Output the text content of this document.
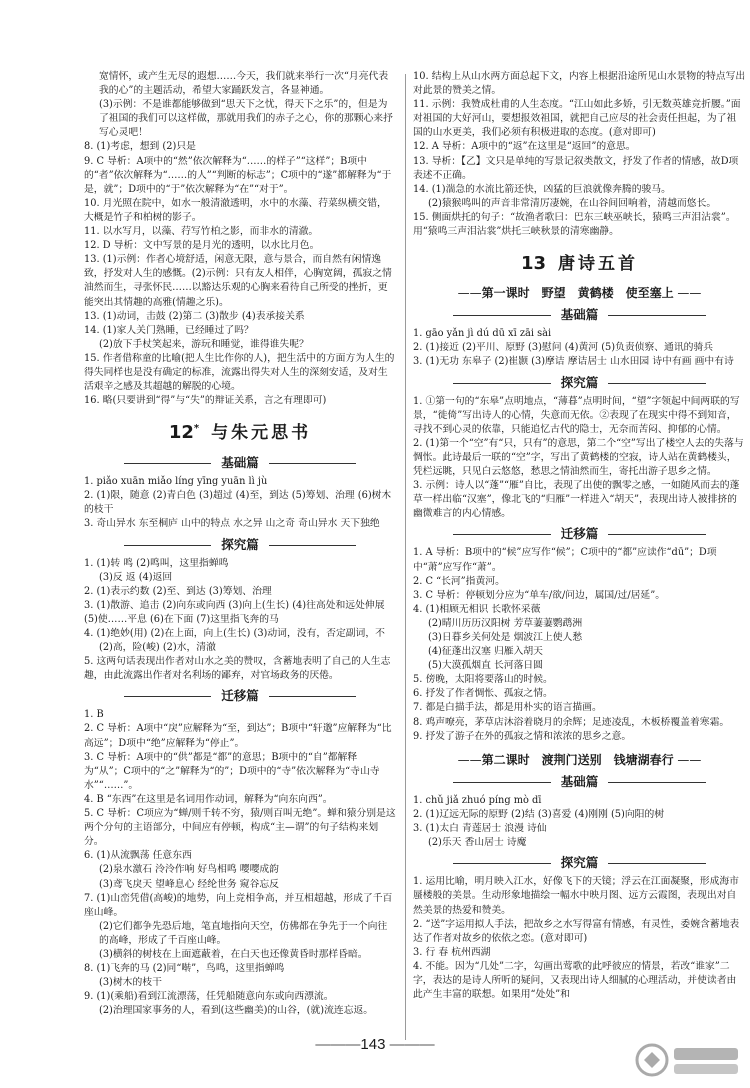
宽情怀，或产生无尽的遐想……今天，我们就来举行一次“月亮代表我的心”的主题活动，希望大家踊跃发言，各显神通。
(3)示例：不是谁都能够做到“思天下之忧，得天下之乐”的，但是为了祖国的我们可以这样做，那就用我们的赤子之心，你的那颗心来抒写心灵吧！
8. (1)考虑，想到 (2)只是
9. C 导析：A项中的“然”依次解释为“……的样子”“这样”；B项中的“者”依次解释为“……的人”“判断的标志”；C项中的“遂”都解释为“于是，就”；D项中的“于”依次解释为“在”“对于”。
10. 月光照在院中，如水一般清澈透明，水中的水藻、荇菜纵横交错，大概是竹子和柏树的影子。
11. 以水写月，以藻、荇写竹柏之影，而非水的清澈。
12. D 导析：文中写景的是月光的透明，以水比月色。
13. (1)示例：作者心境舒适，闲意无限，意与景合，而自然有闲情逸致，抒发对人生的感慨。(2)示例：只有友人相伴，心胸宽阔，孤寂之情油然而生，寻张怀民……以豁达乐观的心胸来看待自己所受的挫折，更能突出其情趣的高雅(情趣之乐)。
13. (1)动词，击鼓 (2)第二 (3)散步 (4)表承接关系
14. (1)家人关门熟睡，已经睡过了吗？
(2)放下手杖笑起来，游玩和睡觉，谁得谁失呢？
15. 作者借称童的比喻(把人生比作你的人)，把生活中的方面方为人生的得失同样也是没有确定的标准，流露出得失对人生的深刻安适，及对生活艰辛之感及其超越的解脱的心境。
16. 略(只要讲到“得”与“失”的辩证关系，言之有理即可)
12* 与朱元思书
基础篇
1. piǎo xuān miǎo líng yīng yuān lì jù
2. (1)限，随意 (2)青白色 (3)超过 (4)至，到达 (5)筹划、治理 (6)树木的枝干
3. 奇山异水 东至桐庐 山中的特点 水之异 山之奇 奇山异水 天下独绝
探究篇
1. (1)转 鸣 (2)鸣叫，这里指蝉鸣
(3)反 返 (4)返回
2. (1)表示约数 (2)至、到达 (3)筹划、治理
3. (1)散游、追击 (2)向东或向西 (3)向上(生长) (4)往高处和远处伸展 (5)使……平息 (6)在下面 (7)这里指飞奔的马
4. (1)绝妙(用) (2)在上面，向上(生长) (3)动词，没有，否定副词，不
(2)高，险(峻) (2)水，清澈
5. 这两句话表现出作者对山水之美的赞叹，含蓄地表明了自己的人生志趣，由此流露出作者对名利场的鄙弃，对官场政务的厌倦。
迁移篇
1. B
2. C 导析：A项中“戾”应解释为“至，到达”；B项中“轩邈”应解释为“比高远”；D项中“绝”应解释为“停止”。
3. C 导析：A项中的“供”都是“都”的意思；B项中的“自”都解释为“从”；C项中的“之”解释为“的”；D项中的“寺”依次解释为“寺山寺水”“……”。
4. B “东西”在这里是名词用作动词，解释为“向东向西”。
5. C 导析：C项应为“蝉/则千转不穷，猿/则百叫无绝”。蝉和猿分别是这两个分句的主语部分，中间应有停顿，构成“主—谓”的句子结构来划分。
6. (1)从流飘荡 任意东西
(2)泉水激石 泠泠作响 好鸟相鸣 嘤嘤成韵
(3)鸢飞戾天 望峰息心 经纶世务 窥谷忘反
7. (1)山峦凭借(高峻)的地势，向上竞相争高，并互相超越，形成了千百座山峰。
(2)它们都争先恐后地，笔直地指向天空，仿佛都在争先于一个向往的高峰，形成了千百座山峰。
(3)横斜的树枝在上面遮蔽着，在白天也还像黄昏时那样昏暗。
8. (1)飞奔的马 (2)同“啭”，鸟鸣，这里指蝉鸣
(3)树木的枝干
9. (1)(乘船)看到江流漂荡，任凭船随意向东或向西漂流。
(2)治理国家事务的人，看到(这些幽美)的山谷，(就)流连忘返。
10. 结构上从山水两方面总起下文，内容上根据沿途所见山水景物的特点写出对此景的赞美之情。
11. 示例：我赞成杜甫的人生态度。“江山如此多娇，引无数英雄竞折腰。”面对祖国的大好河山，要想报效祖国，就把自己应尽的社会责任担起，为了祖国的山水更美，我们必须有积极进取的态度。(意对即可)
12. A 导析：A项中的“返”在这里是“返回”的意思。
13. 导析：【乙】文只是单纯的写景记叙类散文，抒发了作者的情感，故D项表述不正确。
14. (1)湍急的水流比箭还快，凶猛的巨浪就像奔腾的骏马。
(2)猿猴鸣叫的声音非常清厉凄婉，在山谷间回响着，清越而悠长。
15. 侧面烘托的句子：“故渔者歌曰：巴东三峡巫峡长，猿鸣三声泪沾裳”。用“猿鸣三声泪沾裳”烘托三峡秋景的清寒幽静。
13 唐诗五首
—— 第一课时　野望　黄鹤楼　使至塞上 ——
基础篇
1. gāo yǎn jì dú dū xī zāi sài
2. (1)接近 (2)平川、原野 (3)慰问 (4)黄河 (5)负责侦察、通讯的骑兵
3. (1)无功 东皋子 (2)崔颢 (3)摩诘 摩诘居士 山水田园 诗中有画 画中有诗
探究篇
1. ①第一句的“东皋”点明地点，“薄暮”点明时间，“望”字领起中间两联的写景，“徙倚”写出诗人的心情，失意而无依。②表现了在现实中得不到知音，寻找不到心灵的依靠，只能追忆古代的隐士，无奈而苦闷、抑郁的心情。
2. (1)第一个“空”有“只，只有”的意思，第二个“空”写出了楼空人去的失落与惆怅。此诗最后一联的“空”字，写出了黄鹤楼的空寂，诗人站在黄鹤楼头，凭栏远眺，只见白云悠悠，愁思之情油然而生，寄托出游子思乡之情。
3. 示例：诗人以“蓬”“雁”自比，表现了出使的飘零之感，一如随风而去的蓬草一样出临“汉塞”，像北飞的“归雁”一样进入“胡天”，表现出诗人被排挤的幽微难言的内心情感。
迁移篇
1. A 导析：B项中的“候”应写作“候”；C项中的“都”应读作“dū”；D项中“萧”应写作“萧”。
2. C “长河”指黄河。
3. C 导析：停顿划分应为“单车/欲/问边，属国/过/居延”。
4. (1)相顾无相识 长歌怀采薇
(2)晴川历历汉阳树 芳草萋萋鹦鹉洲
(3)日暮乡关何处是 烟波江上使人愁
(4)征蓬出汉塞 归雁入胡天
(5)大漠孤烟直 长河落日圆
5. 傍晚，太阳将要落山的时候。
6. 抒发了作者惆怅、孤寂之情。
7. 都是白描手法，都是用朴实的语言描画。
8. 鸡声嘹亮，茅草店沐浴着晓月的余辉；足迹凌乱，木板桥覆盖着寒霜。
9. 抒发了游子在外的孤寂之情和浓浓的思乡之意。
—— 第二课时　渡荆门送别　钱塘湖春行 ——
基础篇
1. chǔ jiǎ zhuó píng mò dī
2. (1)辽远无际的原野 (2)结 (3)喜爱 (4)刚刚 (5)向阳的树
3. (1)太白 青莲居士 浪漫 诗仙
(2)乐天 香山居士 诗魔
探究篇
1. 运用比喻，明月映入江水，好像飞下的天镜；浮云在江面凝聚，形成海市蜃楼般的美景。生动形象地描绘一幅水中映月图、远方云霞图，表现出对自然美景的热爱和赞美。
2. “送”字运用拟人手法，把故乡之水写得富有情感，有灵性，委婉含蓄地表达了作者对故乡的依依之恋。(意对即可)
3. 行 春 杭州西湖
4. 不能。因为“几处”二字，勾画出莺歌的此呼彼应的情景，若改“谁家”二字，表达的是诗人所听的疑问，又表现出诗人细腻的心理活动，并使读者由此产生丰富的联想。如果用“处处”和
——— 143 ———
